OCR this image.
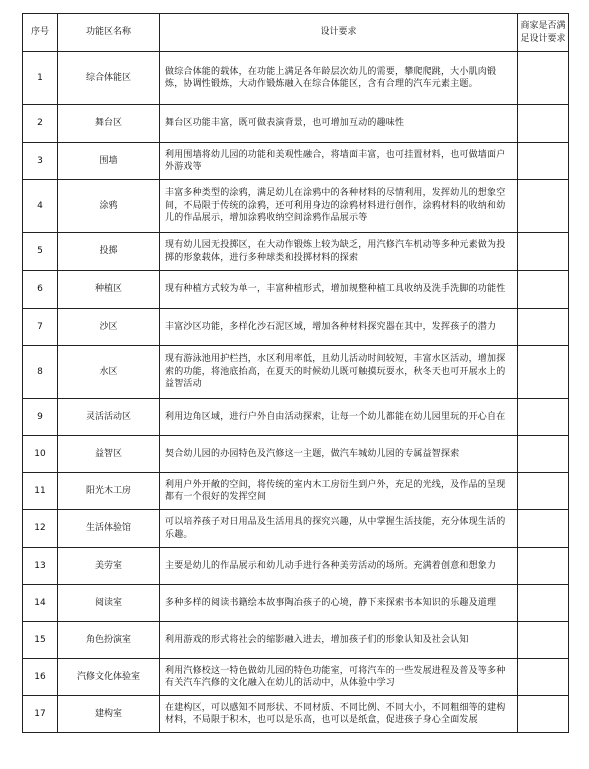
序号	功能区名称	设计要求	商家是否满足设计要求
1	综合体能区	做综合体能的载体，在功能上满足各年龄层次幼儿的需要，攀爬爬跳，大小肌肉锻炼，协调性锻炼，大动作锻炼融入在综合体能区，含有合理的汽车元素主题。	
2	舞台区	舞台区功能丰富，既可做表演背景，也可增加互动的趣味性	
3	围墙	利用围墙将幼儿园的功能和美观性融合，将墙面丰富，也可挂置材料，也可做墙面户外游戏等	
4	涂鸦	丰富多种类型的涂鸦，满足幼儿在涂鸦中的各种材料的尽情利用，发挥幼儿的想象空间，不局限于传统的涂鸦，还可利用身边的涂鸦材料进行创作，涂鸦材料的收纳和幼儿的作品展示，增加涂鸦收纳空间涂鸦作品展示等	
5	投掷	现有幼儿园无投掷区，在大动作锻炼上较为缺乏，用汽修汽车机动等多种元素做为投掷的形象载体，进行多种球类和投掷材料的探索	
6	种植区	现有种植方式较为单一，丰富种植形式，增加规整种植工具收纳及洗手洗脚的功能性	
7	沙区	丰富沙区功能，多样化沙石泥区域，增加各种材料探究器在其中，发挥孩子的潜力	
8	水区	现有游泳池用护栏挡，水区利用率低，且幼儿活动时间较短，丰富水区活动，增加探索的功能，将池底抬高，在夏天的时候幼儿既可触摸玩耍水，秋冬天也可开展水上的益智活动	
9	灵活活动区	利用边角区域，进行户外自由活动探索，让每一个幼儿都能在幼儿园里玩的开心自在	
10	益智区	契合幼儿园的办园特色及汽修这一主题，做汽车城幼儿园的专属益智探索	
11	阳光木工房	利用户外开敞的空间，将传统的室内木工房衍生到户外，充足的光线，及作品的呈现都有一个很好的发挥空间	
12	生活体验馆	可以培养孩子对日用品及生活用具的探究兴趣，从中掌握生活技能，充分体现生活的乐趣。	
13	美劳室	主要是幼儿的作品展示和幼儿动手进行各种美劳活动的场所。充满着创意和想象力	
14	阅读室	多种多样的阅读书籍绘本故事陶冶孩子的心境，静下来探索书本知识的乐趣及道理	
15	角色扮演室	利用游戏的形式将社会的缩影融入进去，增加孩子们的形象认知及社会认知	
16	汽修文化体验室	利用汽修校这一特色做幼儿园的特色功能室，可将汽车的一些发展进程及普及等多种有关汽车汽修的文化融入在幼儿的活动中，从体验中学习	
17	建构室	在建构区，可以感知不同形状、不同材质、不同比例、不同大小，不同粗细等的建构材料，不局限于积木，也可以是乐高，也可以是纸盒，促进孩子身心全面发展	
